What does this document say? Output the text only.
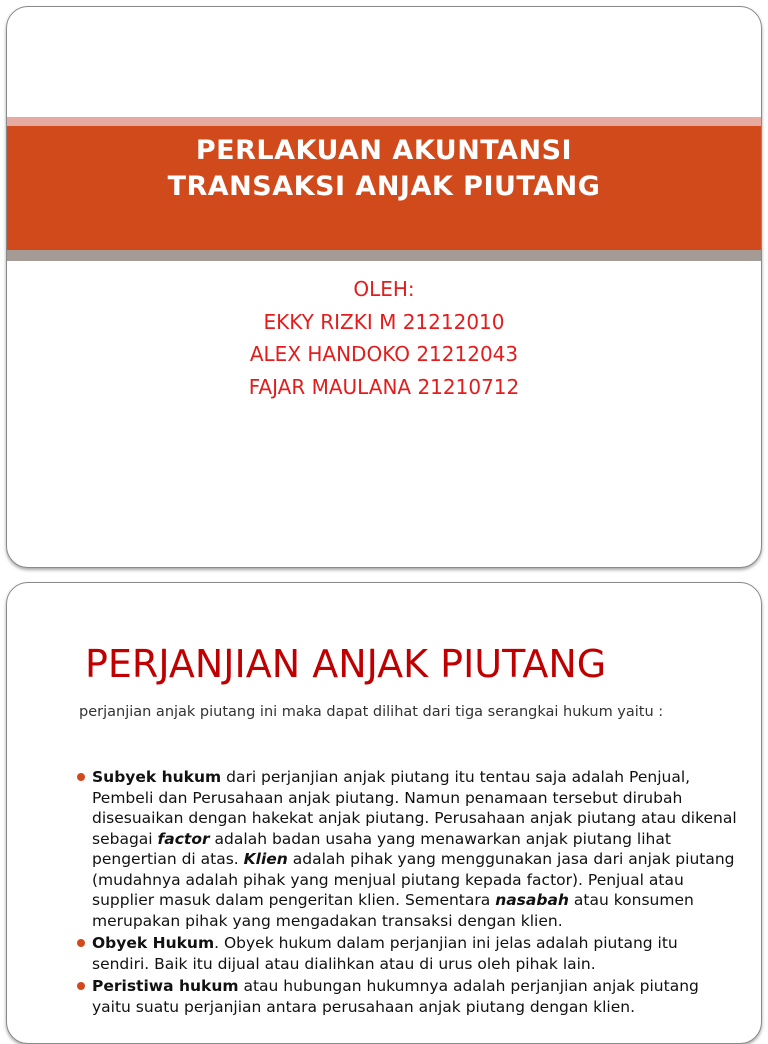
PERLAKUAN AKUNTANSI
TRANSAKSI ANJAK PIUTANG
OLEH:
EKKY RIZKI M 21212010
ALEX HANDOKO 21212043
FAJAR MAULANA 21210712
PERJANJIAN ANJAK PIUTANG
perjanjian anjak piutang ini maka dapat dilihat dari tiga serangkai hukum yaitu :
Subyek hukum dari perjanjian anjak piutang itu tentau saja adalah Penjual, Pembeli dan Perusahaan anjak piutang. Namun penamaan tersebut dirubah disesuaikan dengan hakekat anjak piutang. Perusahaan anjak piutang atau dikenal sebagai factor adalah badan usaha yang menawarkan anjak piutang lihat pengertian di atas. Klien adalah pihak yang menggunakan jasa dari anjak piutang (mudahnya adalah pihak yang menjual piutang kepada factor). Penjual atau supplier masuk dalam pengeritan klien. Sementara nasabah atau konsumen merupakan pihak yang mengadakan transaksi dengan klien.
Obyek Hukum. Obyek hukum dalam perjanjian ini jelas adalah piutang itu sendiri. Baik itu dijual atau dialihkan atau di urus oleh pihak lain.
Peristiwa hukum atau hubungan hukumnya adalah perjanjian anjak piutang yaitu suatu perjanjian antara perusahaan anjak piutang dengan klien.
